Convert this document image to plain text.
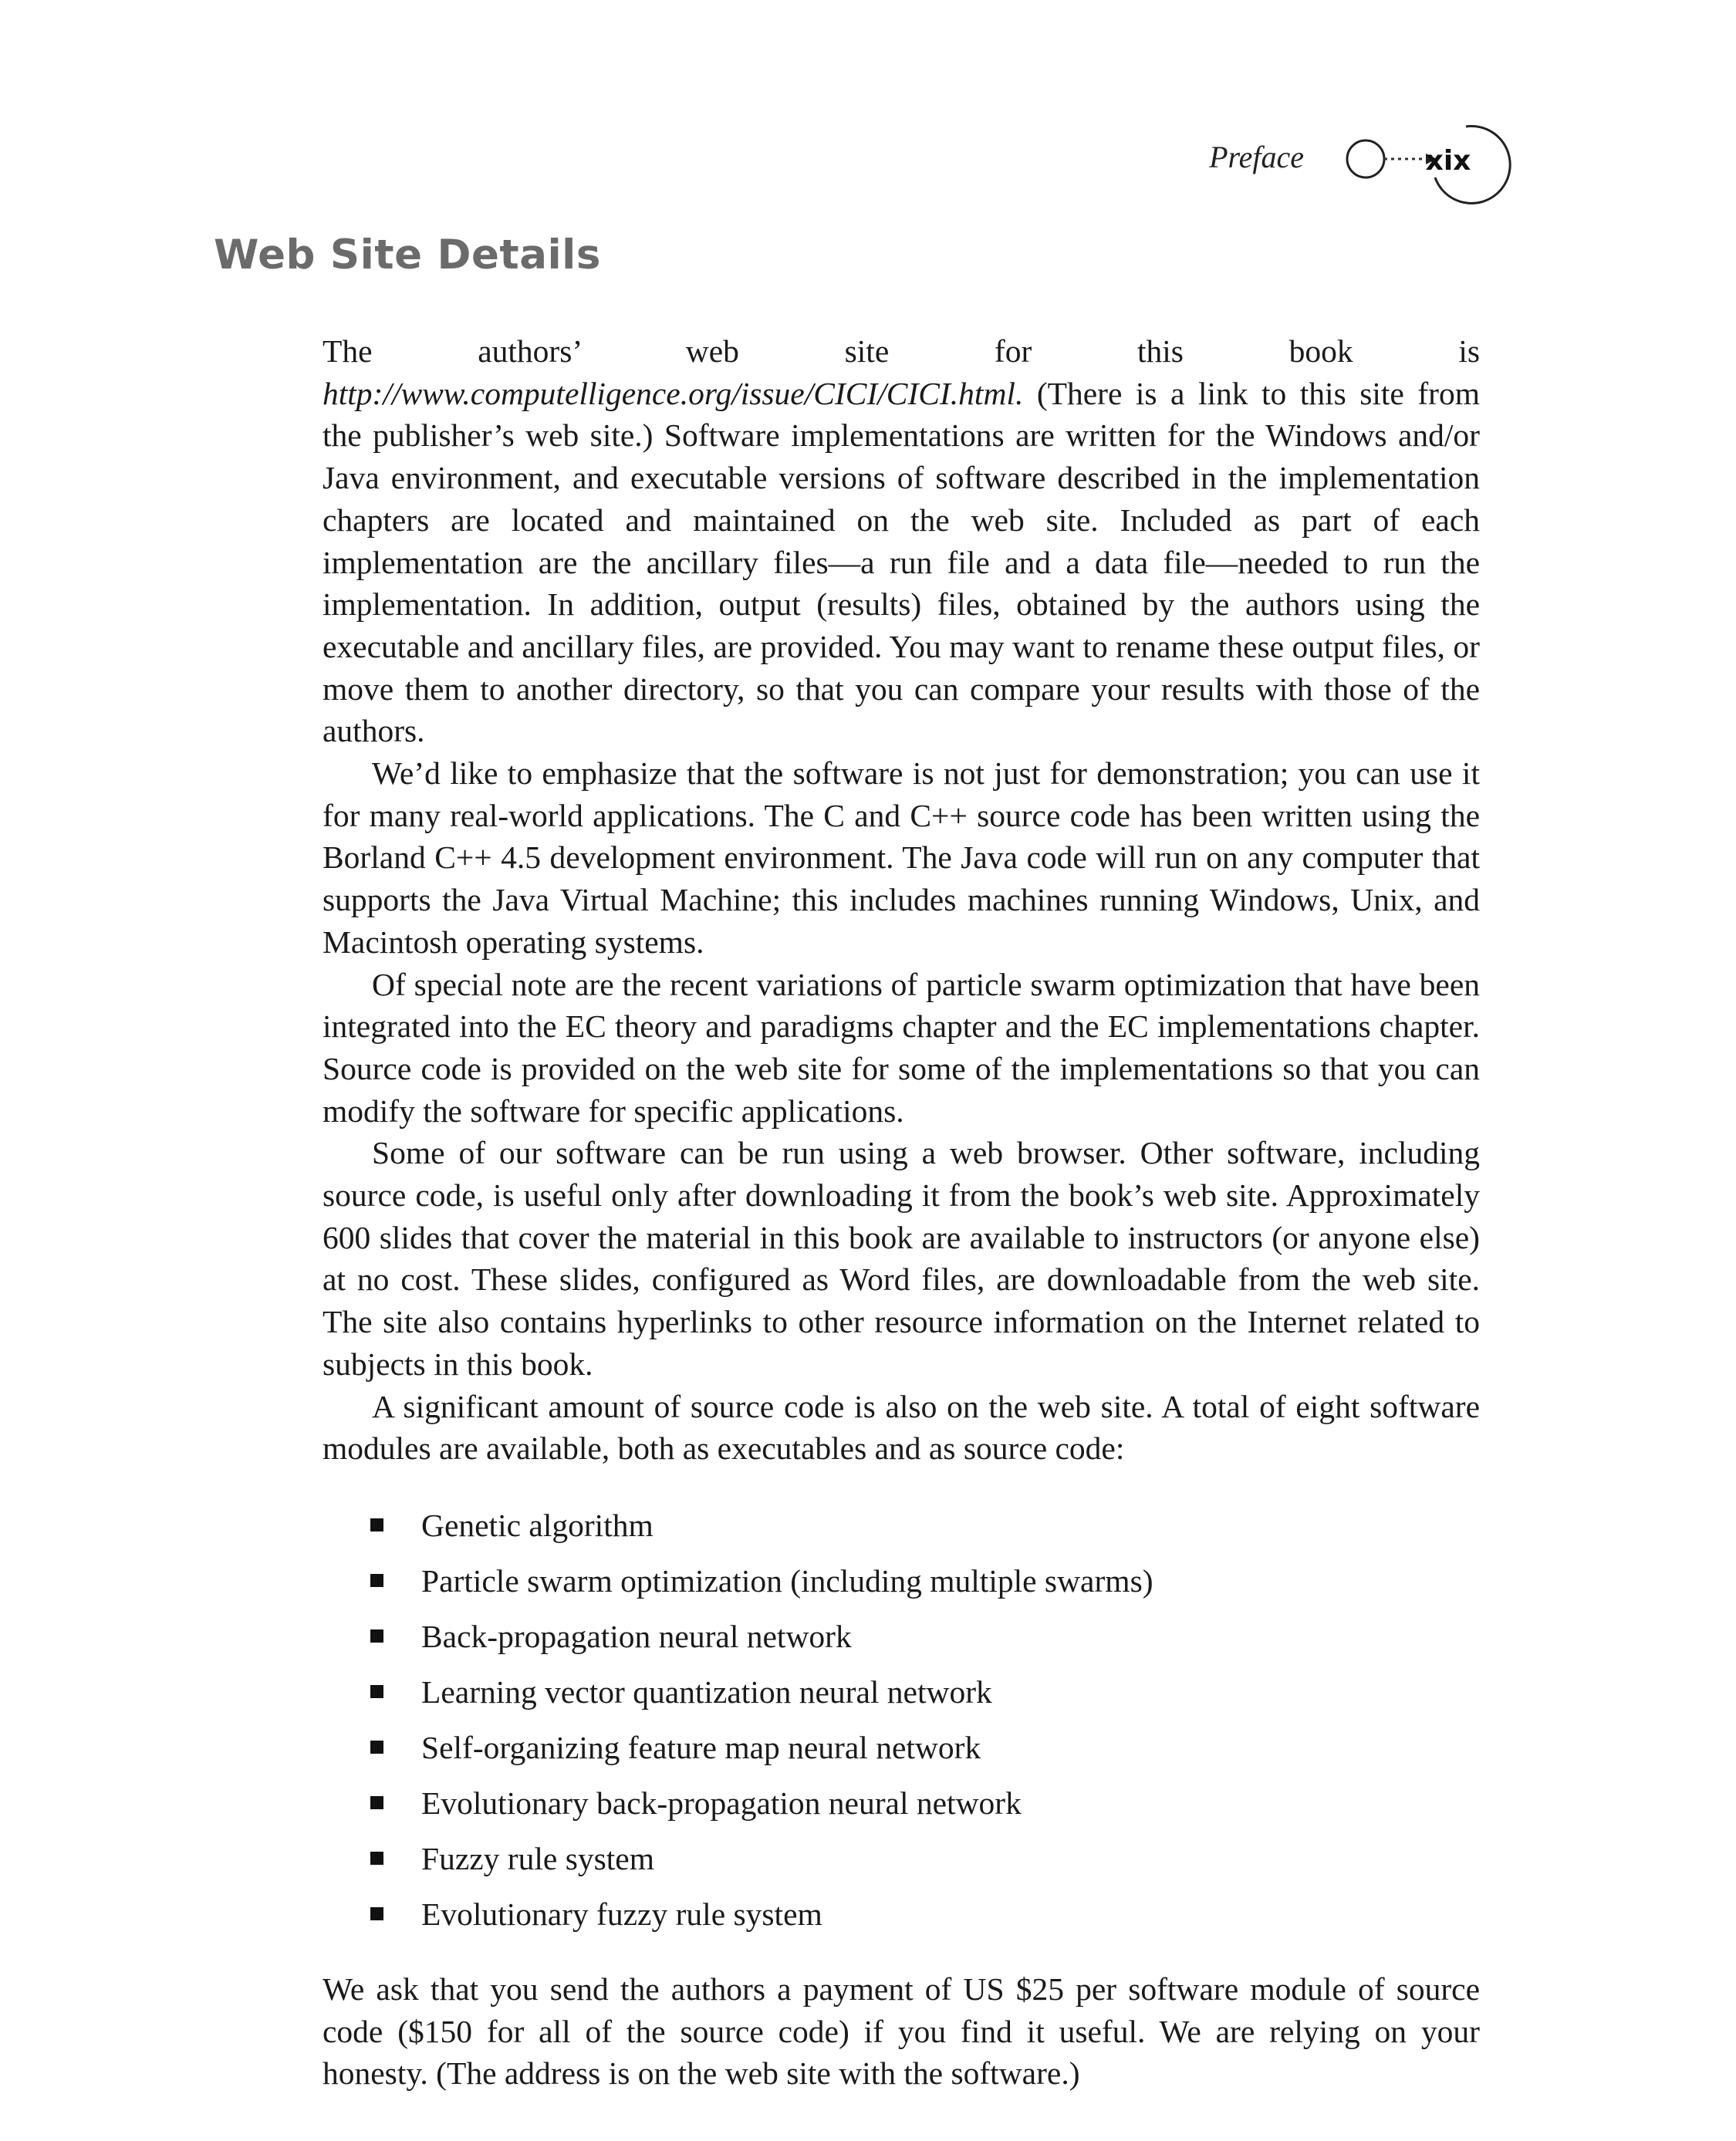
Preface	xix
Web Site Details

The authors’ web site for this book is http://www.computelligence.org/issue/CICI/CICI.html. (There is a link to this site from the publisher’s web site.) Software implementations are written for the Windows and/or Java environment, and executable versions of software described in the implementation chapters are located and maintained on the web site. Included as part of each implementation are the ancillary files—a run file and a data file—needed to run the implementation. In addition, output (results) files, obtained by the authors using the executable and ancillary files, are provided. You may want to rename these output files, or move them to another directory, so that you can compare your results with those of the authors.

We’d like to emphasize that the software is not just for demonstration; you can use it for many real-world applications. The C and C++ source code has been written using the Borland C++ 4.5 development environment. The Java code will run on any computer that supports the Java Virtual Machine; this includes machines running Windows, Unix, and Macintosh operating systems.

Of special note are the recent variations of particle swarm optimization that have been integrated into the EC theory and paradigms chapter and the EC implementations chapter. Source code is provided on the web site for some of the implementations so that you can modify the software for specific applications.

Some of our software can be run using a web browser. Other software, including source code, is useful only after downloading it from the book’s web site. Approximately 600 slides that cover the material in this book are available to instructors (or anyone else) at no cost. These slides, configured as Word files, are downloadable from the web site. The site also contains hyperlinks to other resource information on the Internet related to subjects in this book.

A significant amount of source code is also on the web site. A total of eight software modules are available, both as executables and as source code:

Genetic algorithm
Particle swarm optimization (including multiple swarms)
Back-propagation neural network
Learning vector quantization neural network
Self-organizing feature map neural network
Evolutionary back-propagation neural network
Fuzzy rule system
Evolutionary fuzzy rule system

We ask that you send the authors a payment of US $25 per software module of source code ($150 for all of the source code) if you find it useful. We are relying on your honesty. (The address is on the web site with the software.)
